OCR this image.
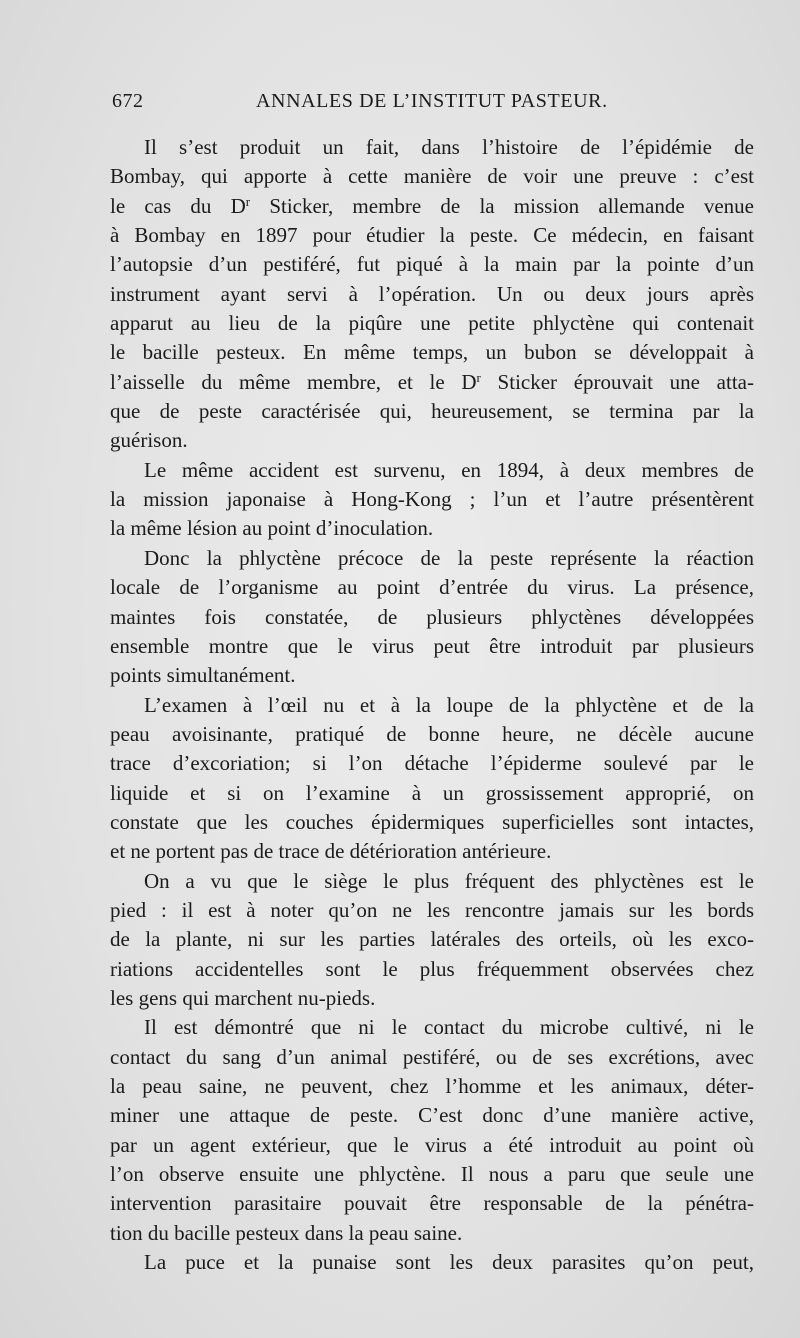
672	ANNALES DE L’INSTITUT PASTEUR.
Il s’est produit un fait, dans l’histoire de l’épidémie de
Bombay, qui apporte à cette manière de voir une preuve : c’est
le cas du $D^r$ Sticker, membre de la mission allemande venue
à Bombay en 1897 pour étudier la peste. Ce médecin, en faisant
l’autopsie d’un pestiféré, fut piqué à la main par la pointe d’un
instrument ayant servi à l’opération. Un ou deux jours après
apparut au lieu de la piqûre une petite phlyctène qui contenait
le bacille pesteux. En même temps, un bubon se développait à
l’aisselle du même membre, et le $D^r$ Sticker éprouvait une atta-
que de peste caractérisée qui, heureusement, se termina par la
guérison.
Le même accident est survenu, en 1894, à deux membres de
la mission japonaise à Hong-Kong ; l’un et l’autre présentèrent
la même lésion au point d’inoculation.
Donc la phlyctène précoce de la peste représente la réaction
locale de l’organisme au point d’entrée du virus. La présence,
maintes fois constatée, de plusieurs phlyctènes développées
ensemble montre que le virus peut être introduit par plusieurs
points simultanément.
L’examen à l’œil nu et à la loupe de la phlyctène et de la
peau avoisinante, pratiqué de bonne heure, ne décèle aucune
trace d’excoriation; si l’on détache l’épiderme soulevé par le
liquide et si on l’examine à un grossissement approprié, on
constate que les couches épidermiques superficielles sont intactes,
et ne portent pas de trace de détérioration antérieure.
On a vu que le siège le plus fréquent des phlyctènes est le
pied : il est à noter qu’on ne les rencontre jamais sur les bords
de la plante, ni sur les parties latérales des orteils, où les exco-
riations accidentelles sont le plus fréquemment observées chez
les gens qui marchent nu-pieds.
Il est démontré que ni le contact du microbe cultivé, ni le
contact du sang d’un animal pestiféré, ou de ses excrétions, avec
la peau saine, ne peuvent, chez l’homme et les animaux, déter-
miner une attaque de peste. C’est donc d’une manière active,
par un agent extérieur, que le virus a été introduit au point où
l’on observe ensuite une phlyctène. Il nous a paru que seule une
intervention parasitaire pouvait être responsable de la pénétra-
tion du bacille pesteux dans la peau saine.
La puce et la punaise sont les deux parasites qu’on peut,
